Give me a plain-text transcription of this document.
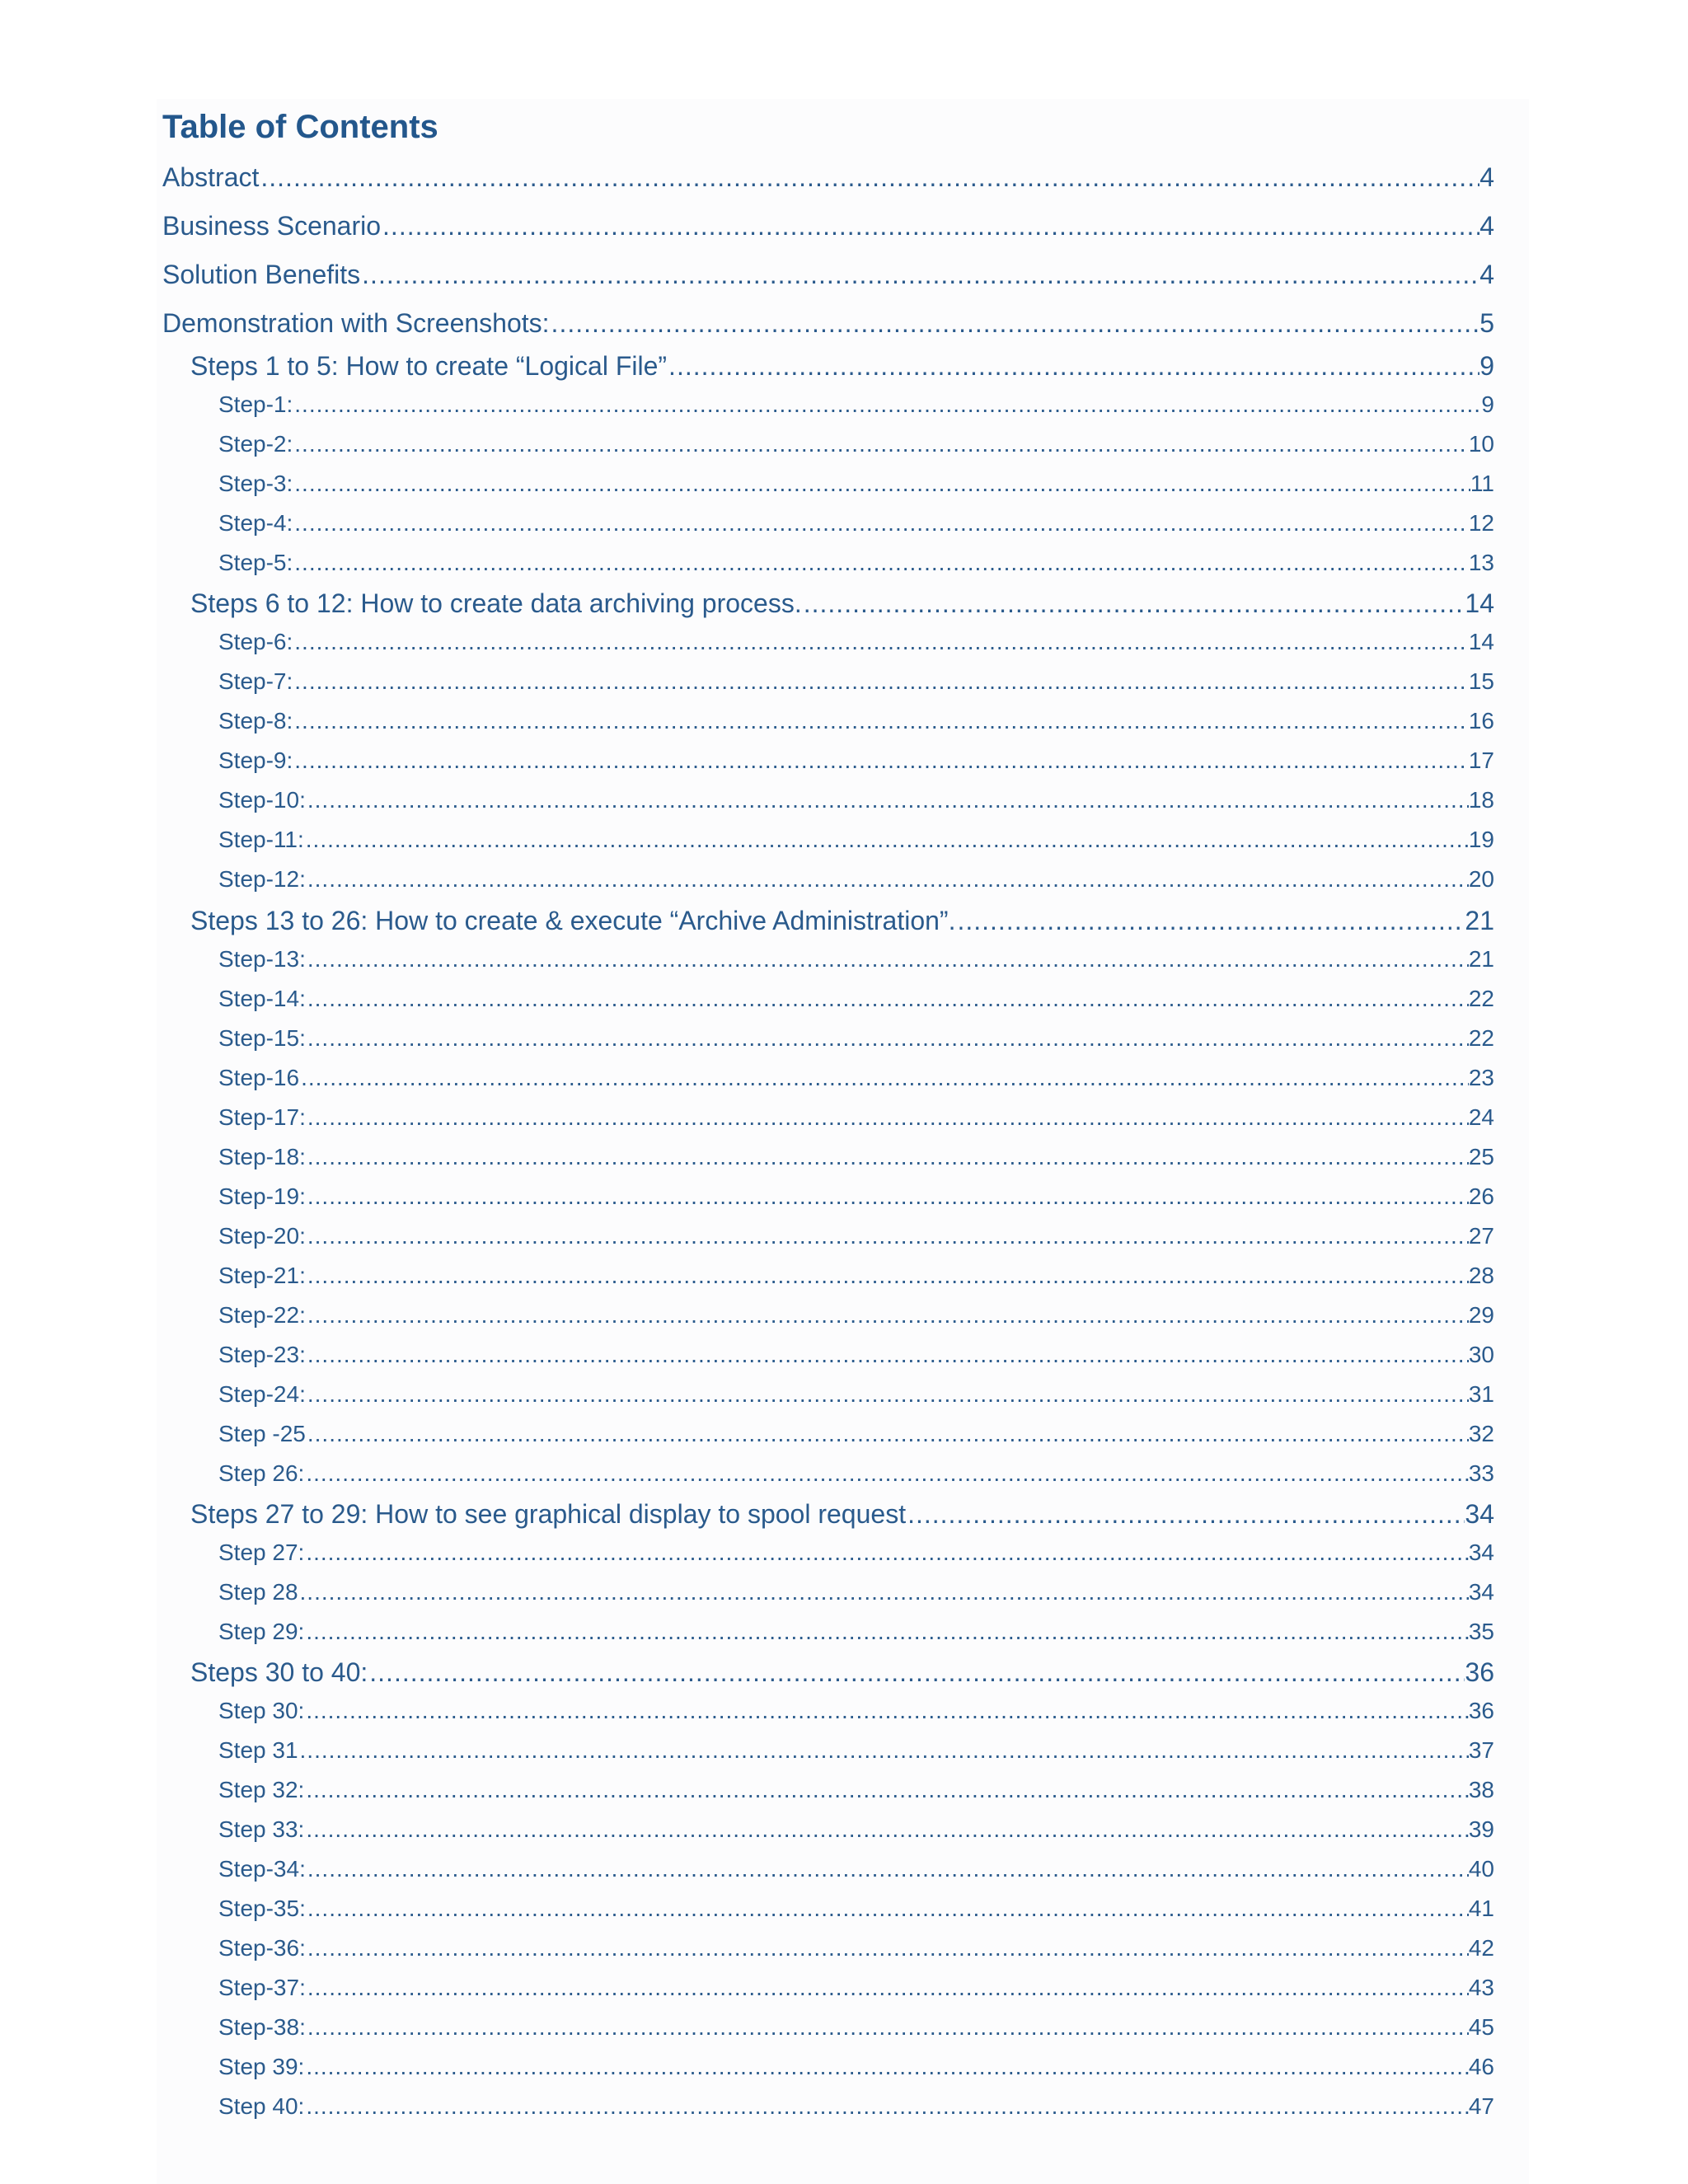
Table of Contents
Abstract .....	4
Business Scenario .....	4
Solution Benefits .....	4
Demonstration with Screenshots: .....	5
Steps 1 to 5: How to create “Logical File” .....	9
Step-1: .....	9
Step-2: .....	10
Step-3: .....	11
Step-4: .....	12
Step-5: .....	13
Steps 6 to 12: How to create data archiving process. .....	14
Step-6: .....	14
Step-7: .....	15
Step-8: .....	16
Step-9: .....	17
Step-10: .....	18
Step-11: .....	19
Step-12: .....	20
Steps 13 to 26: How to create & execute “Archive Administration”. .....	21
Step-13: .....	21
Step-14: .....	22
Step-15: .....	22
Step-16 .....	23
Step-17: .....	24
Step-18: .....	25
Step-19: .....	26
Step-20: .....	27
Step-21: .....	28
Step-22: .....	29
Step-23: .....	30
Step-24: .....	31
Step -25 .....	32
Step 26: .....	33
Steps 27 to 29: How to see graphical display to spool request .....	34
Step 27: .....	34
Step 28 .....	34
Step 29: .....	35
Steps 30 to 40: .....	36
Step 30: .....	36
Step 31 .....	37
Step 32: .....	38
Step 33: .....	39
Step-34: .....	40
Step-35: .....	41
Step-36: .....	42
Step-37: .....	43
Step-38: .....	45
Step 39: .....	46
Step 40: .....	47
